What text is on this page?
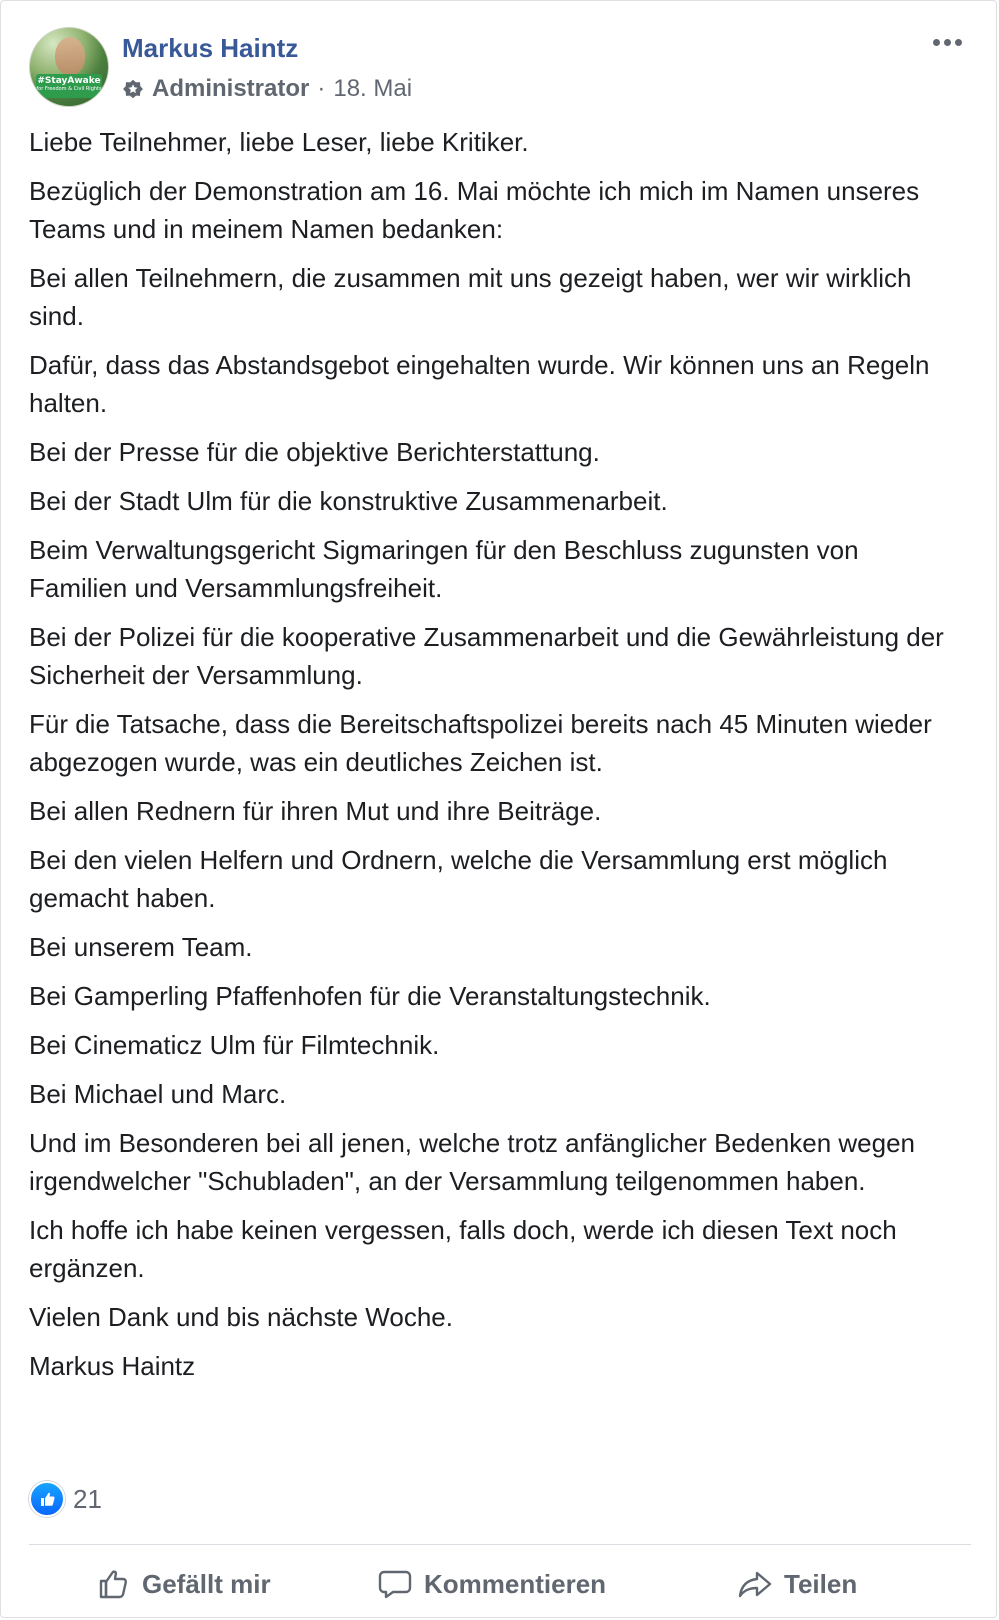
#StayAwake
for Freedom & Civil Rights
Markus Haintz
Administrator · 18. Mai

Liebe Teilnehmer, liebe Leser, liebe Kritiker.

Bezüglich der Demonstration am 16. Mai möchte ich mich im Namen unseres Teams und in meinem Namen bedanken:

Bei allen Teilnehmern, die zusammen mit uns gezeigt haben, wer wir wirklich sind.

Dafür, dass das Abstandsgebot eingehalten wurde. Wir können uns an Regeln halten.

Bei der Presse für die objektive Berichterstattung.

Bei der Stadt Ulm für die konstruktive Zusammenarbeit.

Beim Verwaltungsgericht Sigmaringen für den Beschluss zugunsten von Familien und Versammlungsfreiheit.

Bei der Polizei für die kooperative Zusammenarbeit und die Gewährleistung der Sicherheit der Versammlung.

Für die Tatsache, dass die Bereitschaftspolizei bereits nach 45 Minuten wieder abgezogen wurde, was ein deutliches Zeichen ist.

Bei allen Rednern für ihren Mut und ihre Beiträge.

Bei den vielen Helfern und Ordnern, welche die Versammlung erst möglich gemacht haben.

Bei unserem Team.

Bei Gamperling Pfaffenhofen für die Veranstaltungstechnik.

Bei Cinematicz Ulm für Filmtechnik.

Bei Michael und Marc.

Und im Besonderen bei all jenen, welche trotz anfänglicher Bedenken wegen irgendwelcher "Schubladen", an der Versammlung teilgenommen haben.

Ich hoffe ich habe keinen vergessen, falls doch, werde ich diesen Text noch ergänzen.

Vielen Dank und bis nächste Woche.

Markus Haintz

21
Gefällt mir	Kommentieren	Teilen
